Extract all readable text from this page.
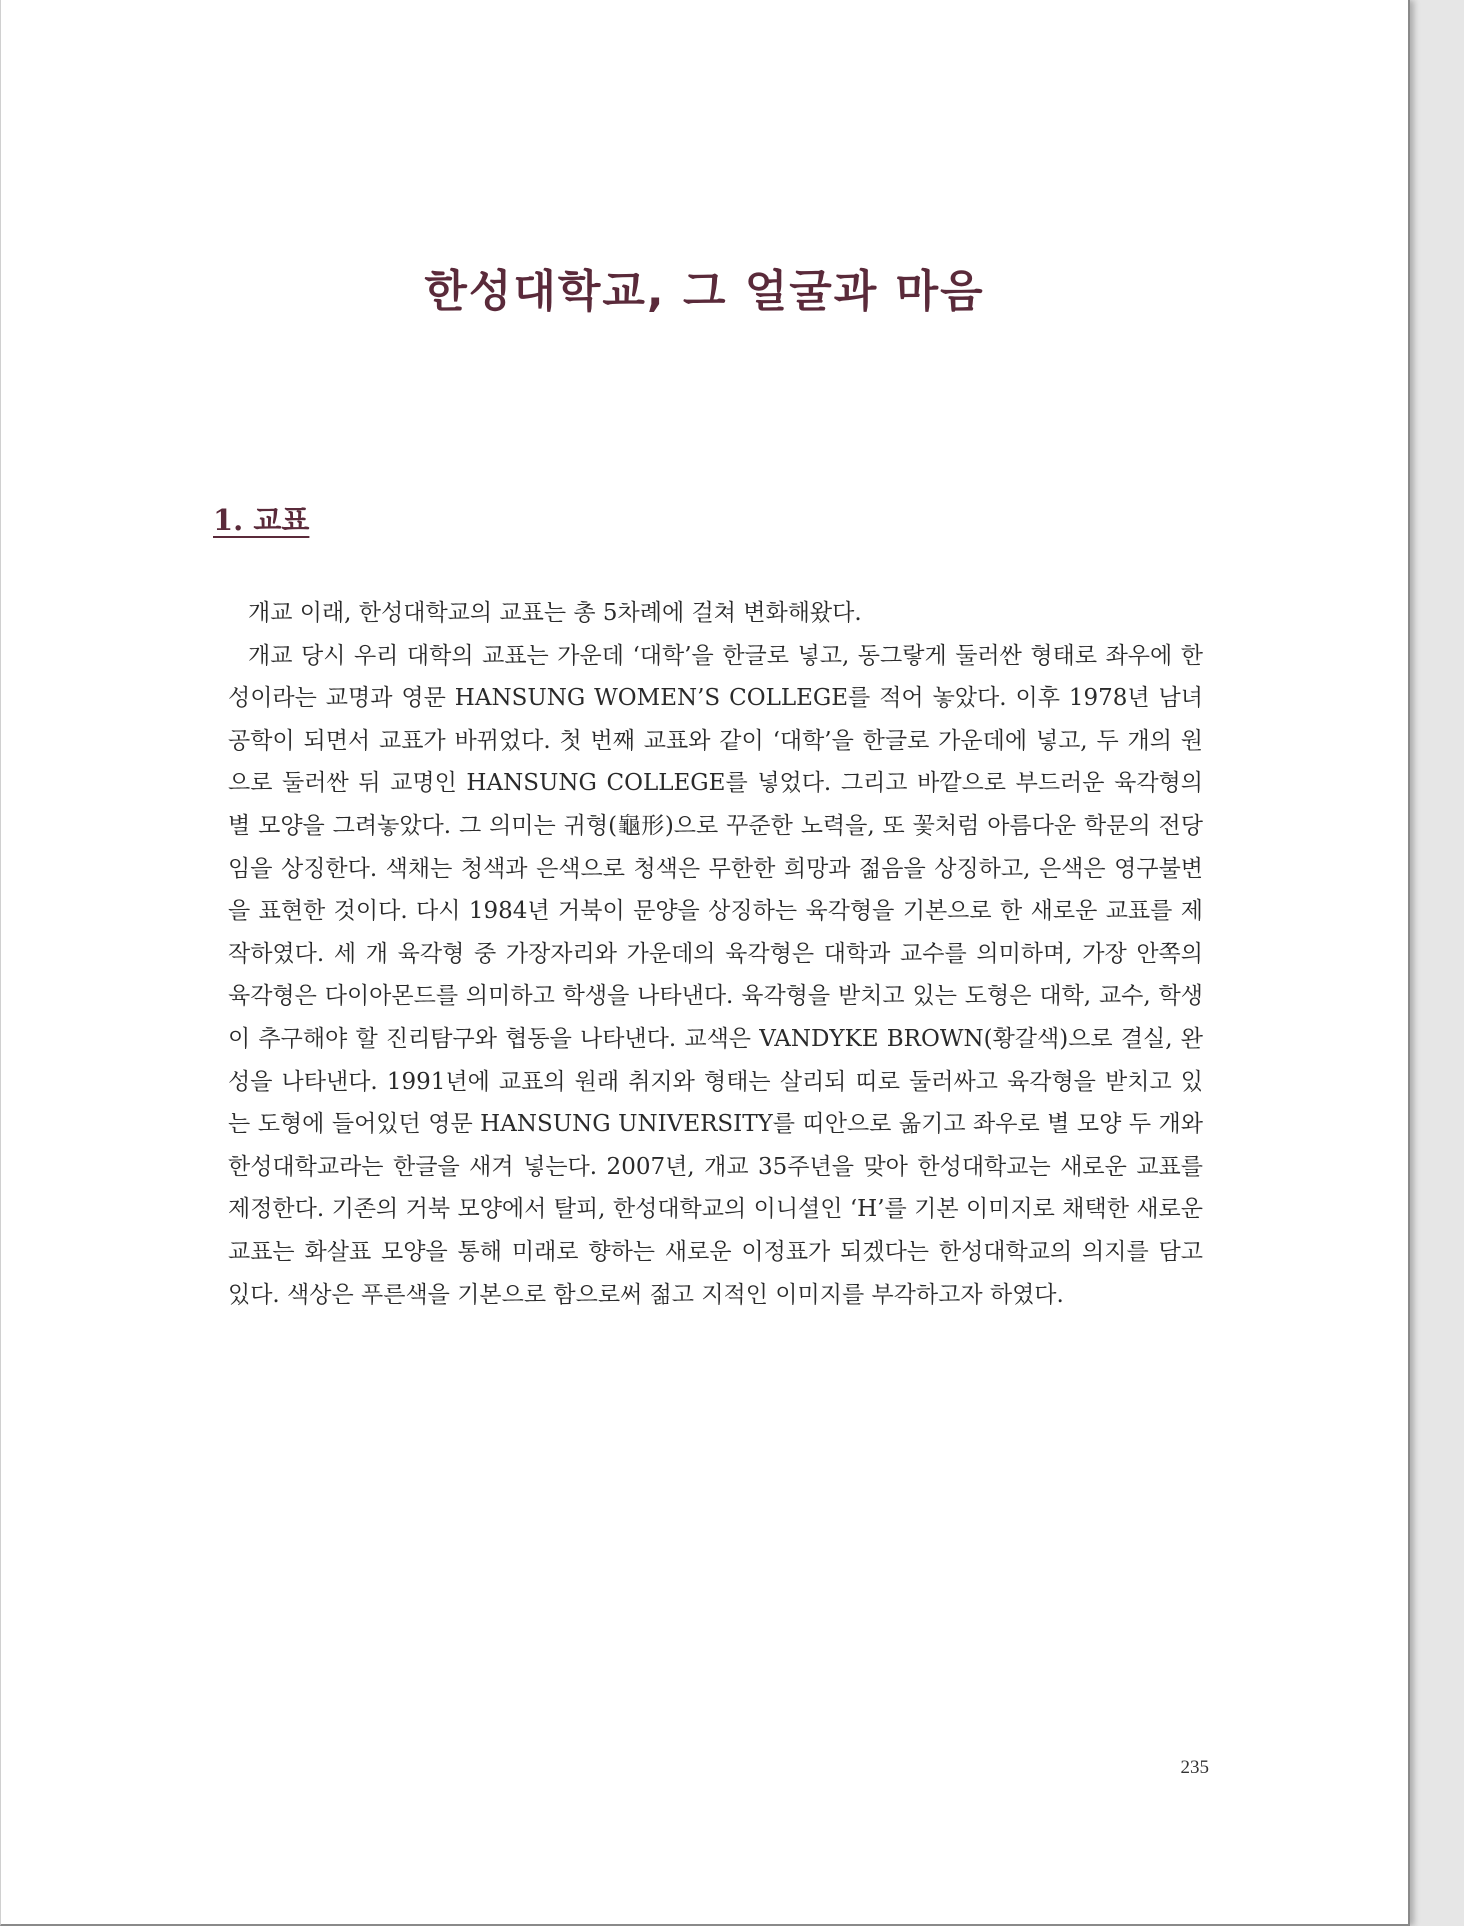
한성대학교, 그 얼굴과 마음
1. 교표

개교 이래, 한성대학교의 교표는 총 5차례에 걸쳐 변화해왔다.

개교 당시 우리 대학의 교표는 가운데 ‘대학’을 한글로 넣고, 동그랗게 둘러싼 형태로 좌우에 한성이라는 교명과 영문 HANSUNG WOMEN’S COLLEGE를 적어 놓았다. 이후 1978년 남녀공학이 되면서 교표가 바뀌었다. 첫 번째 교표와 같이 ‘대학’을 한글로 가운데에 넣고, 두 개의 원으로 둘러싼 뒤 교명인 HANSUNG COLLEGE를 넣었다. 그리고 바깥으로 부드러운 육각형의 별 모양을 그려놓았다. 그 의미는 귀형(龜形)으로 꾸준한 노력을, 또 꽃처럼 아름다운 학문의 전당임을 상징한다. 색채는 청색과 은색으로 청색은 무한한 희망과 젊음을 상징하고, 은색은 영구불변을 표현한 것이다. 다시 1984년 거북이 문양을 상징하는 육각형을 기본으로 한 새로운 교표를 제작하였다. 세 개 육각형 중 가장자리와 가운데의 육각형은 대학과 교수를 의미하며, 가장 안쪽의 육각형은 다이아몬드를 의미하고 학생을 나타낸다. 육각형을 받치고 있는 도형은 대학, 교수, 학생이 추구해야 할 진리탐구와 협동을 나타낸다. 교색은 VANDYKE BROWN(황갈색)으로 결실, 완성을 나타낸다. 1991년에 교표의 원래 취지와 형태는 살리되 띠로 둘러싸고 육각형을 받치고 있는 도형에 들어있던 영문 HANSUNG UNIVERSITY를 띠안으로 옮기고 좌우로 별 모양 두 개와 한성대학교라는 한글을 새겨 넣는다. 2007년, 개교 35주년을 맞아 한성대학교는 새로운 교표를 제정한다. 기존의 거북 모양에서 탈피, 한성대학교의 이니셜인 ‘H’를 기본 이미지로 채택한 새로운 교표는 화살표 모양을 통해 미래로 향하는 새로운 이정표가 되겠다는 한성대학교의 의지를 담고 있다. 색상은 푸른색을 기본으로 함으로써 젊고 지적인 이미지를 부각하고자 하였다.

235
